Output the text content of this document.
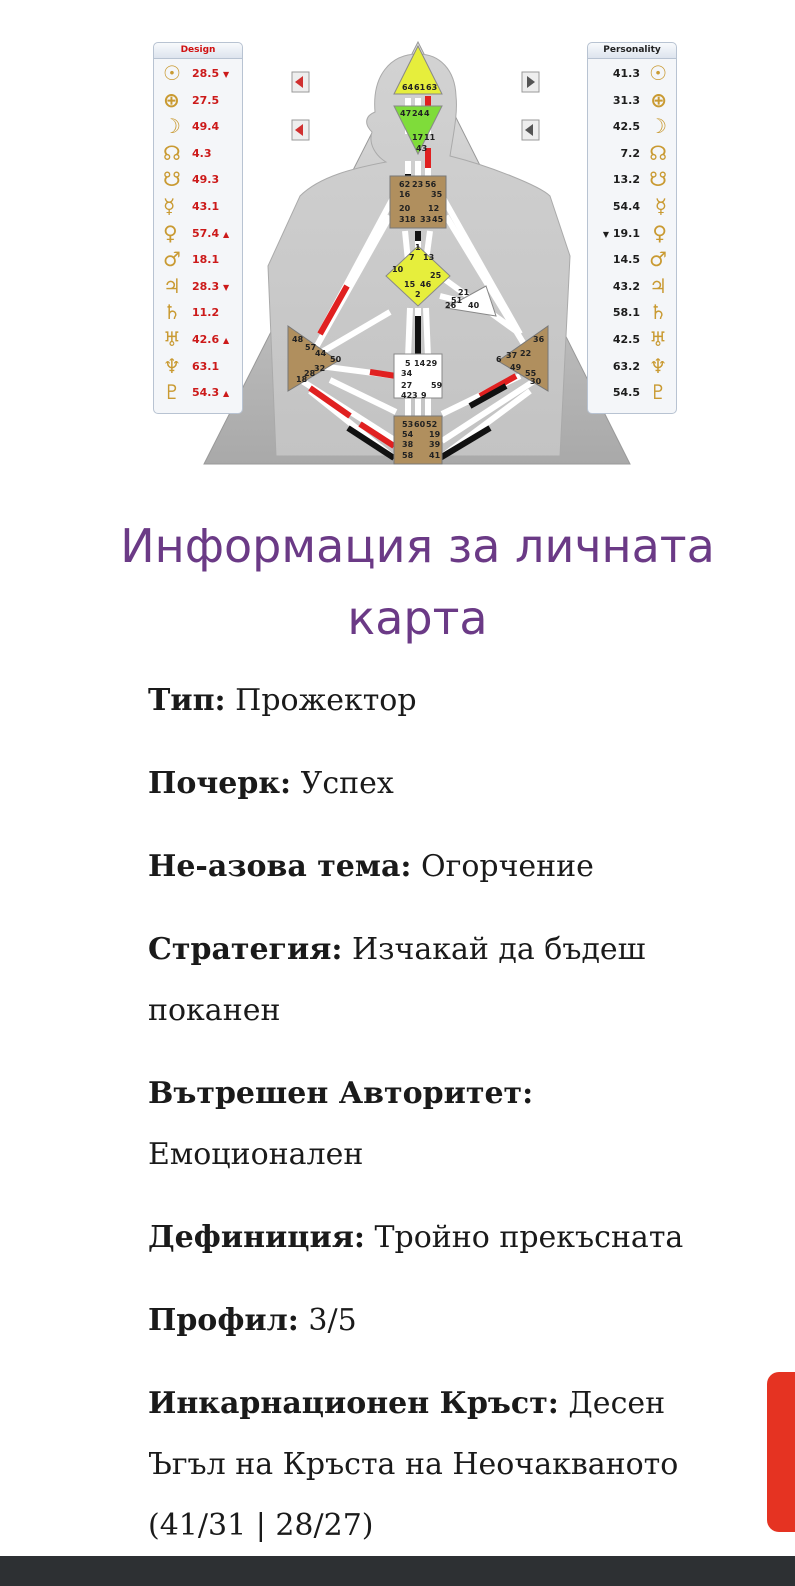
64 61 63
47 24 4
17 11
43
62 23 56
16	35
20 12
31 8 33 45
1
7 13
10
25
15 46
2	21
51
26 40
48
57
44
50
32
28
18
5 14 29
34
27
42 3 9
59
36
22
37
6
49
55
30
53 60 52
54 19
38 39
58 41
Design
☉ 28.5 ▼
⊕ 27.5
☽ 49.4
☊ 4.3
☋ 49.3
☿ 43.1
♀ 57.4 ▲
♂ 18.1
♃ 28.3 ▼
♄ 11.2
♅ 42.6 ▲
♆ 63.1
♇ 54.3 ▲
Personality
☉
41.3
⊕
31.3
☽
42.5
☊
7.2
☋
13.2
☿
54.4
♀
▼ 19.1
♂
14.5
♃
43.2
♄
58.1
♅
42.5
♆
63.2
♇
54.5
Информация за личната карта
Тип: Прожектор
Почерк: Успех
Не-азова тема: Огорчение
Стратегия: Изчакай да бъдеш поканен
Вътрешен Авторитет: Емоционален
Дефиниция: Тройно прекъсната
Профил: 3/5
Инкарнационен Кръст: Десен Ъгъл на Кръста на Неочакваното (41/31 | 28/27)
